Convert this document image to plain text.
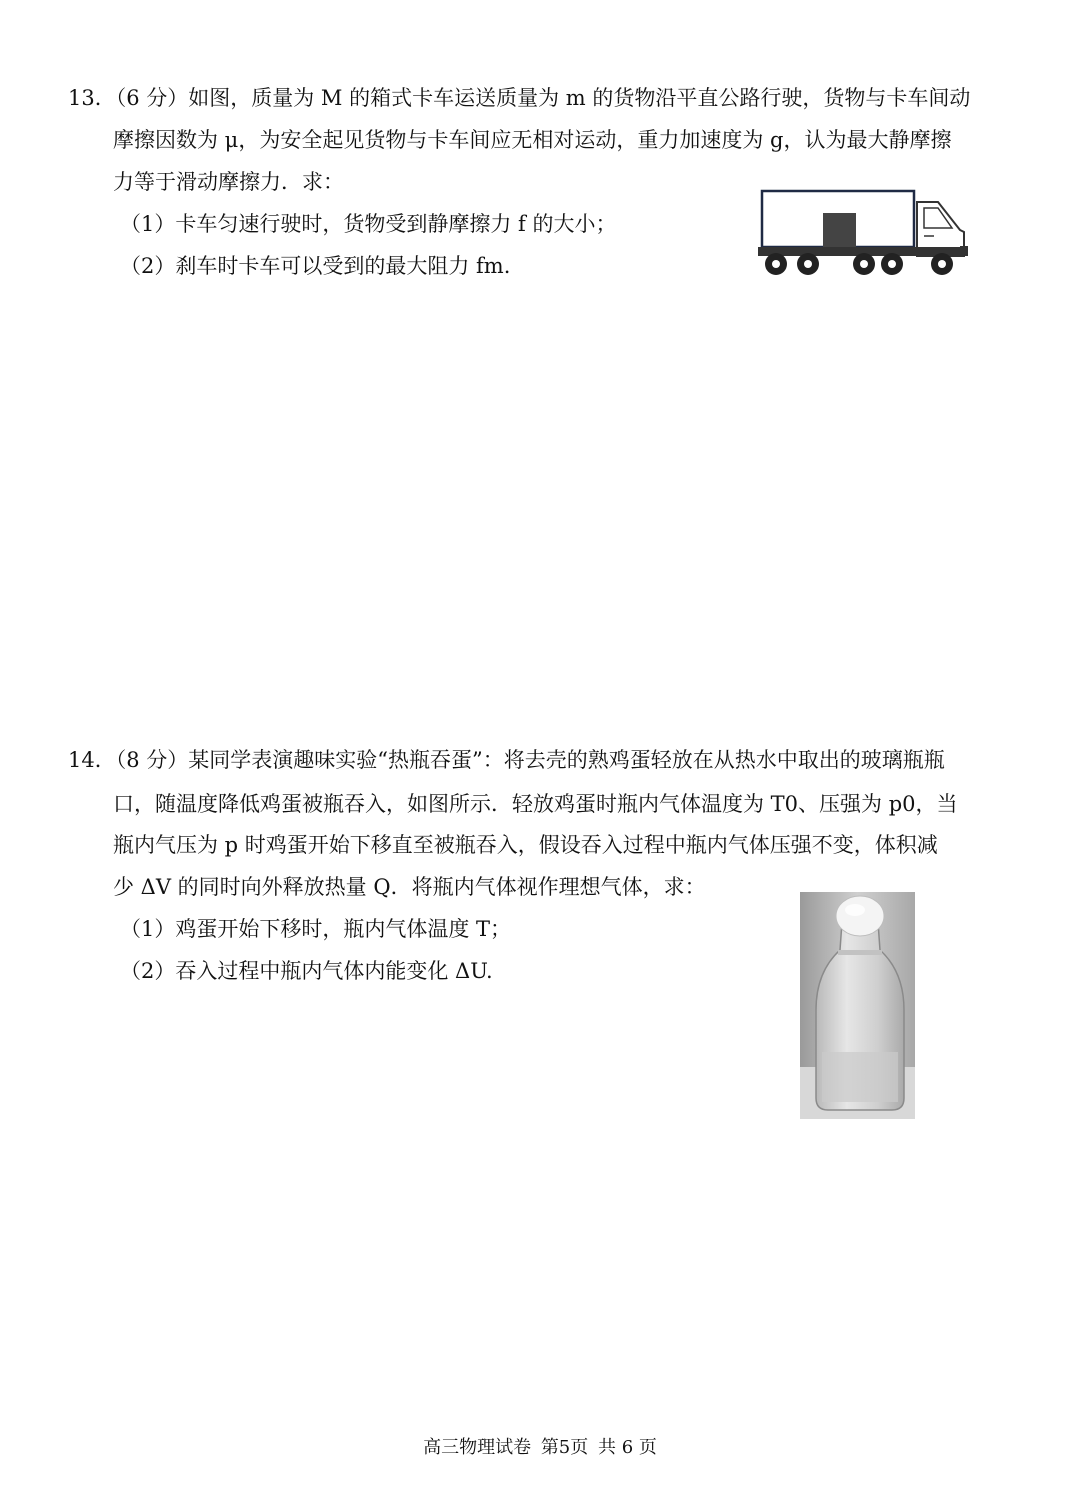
13．（6 分）如图，质量为 M 的箱式卡车运送质量为 m 的货物沿平直公路行驶，货物与卡车间动
摩擦因数为 μ，为安全起见货物与卡车间应无相对运动，重力加速度为 g，认为最大静摩擦
力等于滑动摩擦力．求：
（1）卡车匀速行驶时，货物受到静摩擦力 f 的大小；
（2）刹车时卡车可以受到的最大阻力 fm.
14．（8 分）某同学表演趣味实验“热瓶吞蛋”：将去壳的熟鸡蛋轻放在从热水中取出的玻璃瓶瓶
口，随温度降低鸡蛋被瓶吞入，如图所示．轻放鸡蛋时瓶内气体温度为 T0、压强为 p0，当
瓶内气压为 p 时鸡蛋开始下移直至被瓶吞入，假设吞入过程中瓶内气体压强不变，体积减
少 ΔV 的同时向外释放热量 Q．将瓶内气体视作理想气体，求：
（1）鸡蛋开始下移时，瓶内气体温度 T；
（2）吞入过程中瓶内气体内能变化 ΔU.
高三物理试卷 第5页 共 6 页
